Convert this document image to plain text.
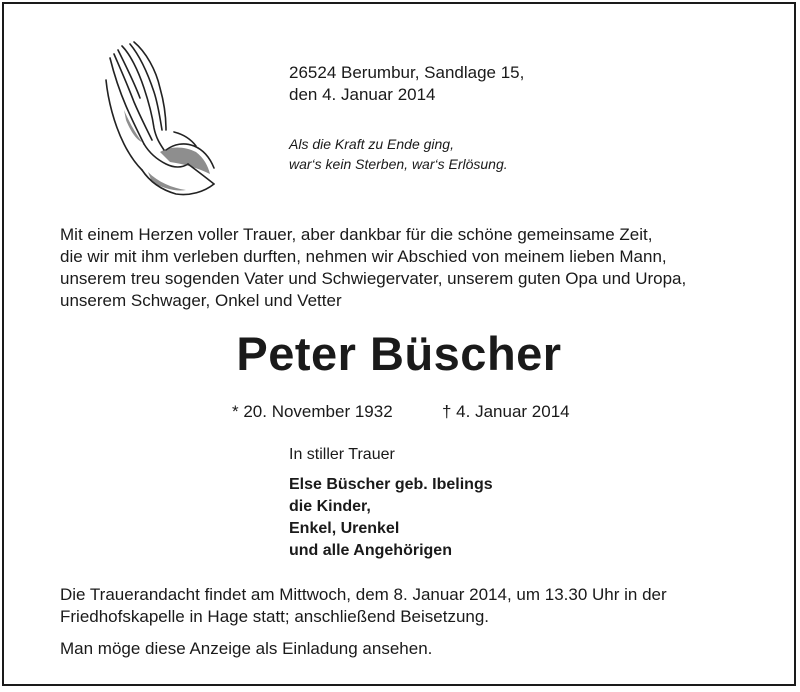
26524 Berumbur, Sandlage 15,
den 4. Januar 2014
Als die Kraft zu Ende ging,
war‘s kein Sterben, war‘s Erlösung.
Mit einem Herzen voller Trauer, aber dankbar für die schöne gemeinsame Zeit,
die wir mit ihm verleben durften, nehmen wir Abschied von meinem lieben Mann,
unserem treu sogenden Vater und Schwiegervater, unserem guten Opa und Uropa,
unserem Schwager, Onkel und Vetter
Peter Büscher
* 20. November 1932	† 4. Januar 2014
In stiller Trauer
Else Büscher geb. Ibelings
die Kinder,
Enkel, Urenkel
und alle Angehörigen
Die Trauerandacht findet am Mittwoch, dem 8. Januar 2014, um 13.30 Uhr in der
Friedhofskapelle in Hage statt; anschließend Beisetzung.
Man möge diese Anzeige als Einladung ansehen.
